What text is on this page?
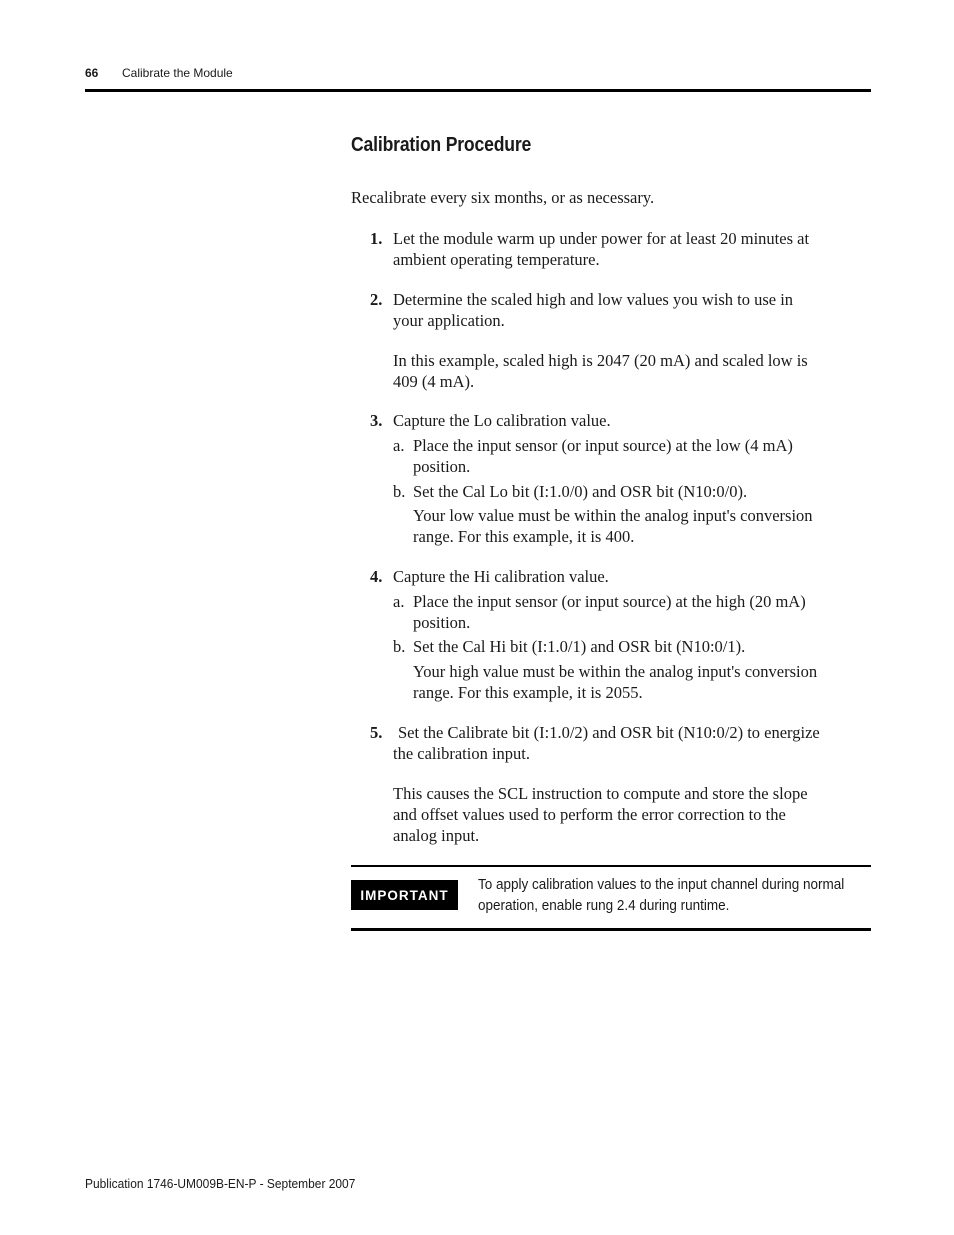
66 Calibrate the Module
Calibration Procedure
Recalibrate every six months, or as necessary.
1. Let the module warm up under power for at least 20 minutes at
ambient operating temperature.
2. Determine the scaled high and low values you wish to use in
your application.
In this example, scaled high is 2047 (20 mA) and scaled low is
409 (4 mA).
3. Capture the Lo calibration value.
a. Place the input sensor (or input source) at the low (4 mA)
position.
b. Set the Cal Lo bit (I:1.0/0) and OSR bit (N10:0/0).
Your low value must be within the analog input's conversion
range. For this example, it is 400.
4. Capture the Hi calibration value.
a. Place the input sensor (or input source) at the high (20 mA)
position.
b. Set the Cal Hi bit (I:1.0/1) and OSR bit (N10:0/1).
Your high value must be within the analog input's conversion
range. For this example, it is 2055.
5. Set the Calibrate bit (I:1.0/2) and OSR bit (N10:0/2) to energize
the calibration input.
This causes the SCL instruction to compute and store the slope
and offset values used to perform the error correction to the
analog input.
IMPORTANT
To apply calibration values to the input channel during normal
operation, enable rung 2.4 during runtime.
Publication 1746-UM009B-EN-P - September 2007
